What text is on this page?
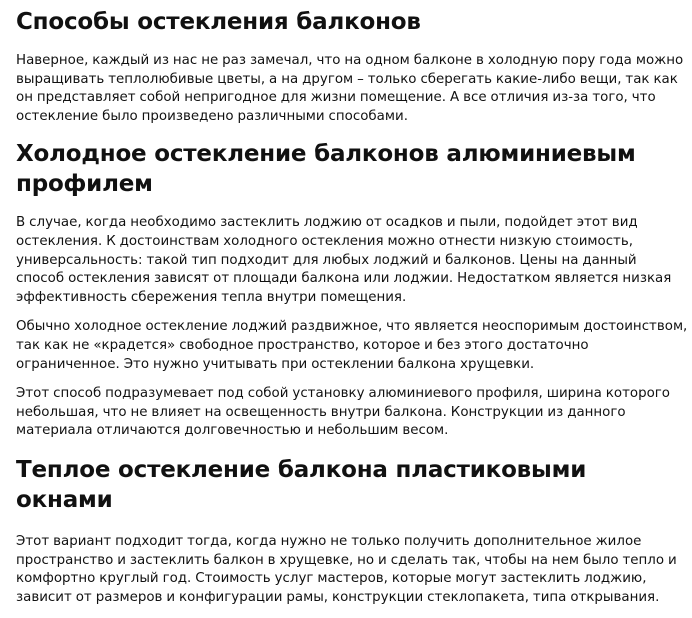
Способы остекления балконов

Наверное, каждый из нас не раз замечал, что на одном балконе в холодную пору года можно выращивать теплолюбивые цветы, а на другом – только сберегать какие-либо вещи, так как он представляет собой непригодное для жизни помещение. А все отличия из-за того, что остекление было произведено различными способами.

Холодное остекление балконов алюминиевым профилем

В случае, когда необходимо застеклить лоджию от осадков и пыли, подойдет этот вид остекления. К достоинствам холодного остекления можно отнести низкую стоимость, универсальность: такой тип подходит для любых лоджий и балконов. Цены на данный способ остекления зависят от площади балкона или лоджии. Недостатком является низкая эффективность сбережения тепла внутри помещения.

Обычно холодное остекление лоджий раздвижное, что является неоспоримым достоинством, так как не «крадется» свободное пространство, которое и без этого достаточно ограниченное. Это нужно учитывать при остеклении балкона хрущевки.

Этот способ подразумевает под собой установку алюминиевого профиля, ширина которого небольшая, что не влияет на освещенность внутри балкона. Конструкции из данного материала отличаются долговечностью и небольшим весом.

Теплое остекление балкона пластиковыми окнами

Этот вариант подходит тогда, когда нужно не только получить дополнительное жилое пространство и застеклить балкон в хрущевке, но и сделать так, чтобы на нем было тепло и комфортно круглый год. Стоимость услуг мастеров, которые могут застеклить лоджию, зависит от размеров и конфигурации рамы, конструкции стеклопакета, типа открывания.
